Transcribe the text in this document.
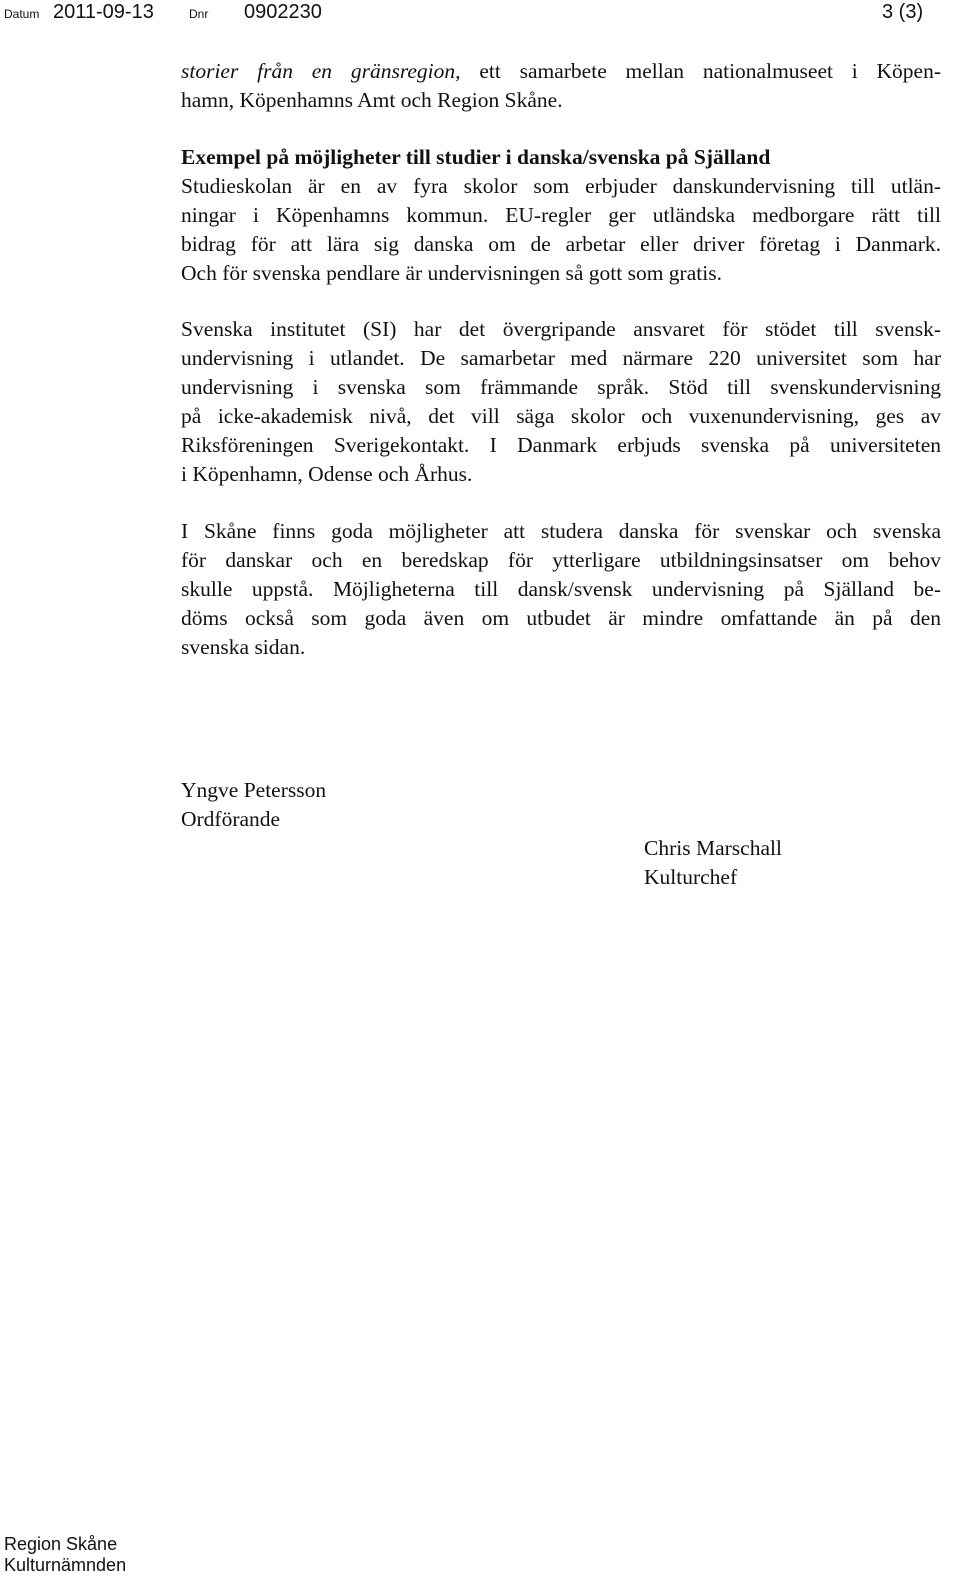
Datum 2011-09-13	Dnr 0902230	3 (3)
storier från en gränsregion, ett samarbete mellan nationalmuseet i Köpen-
hamn, Köpenhamns Amt och Region Skåne.
Exempel på möjligheter till studier i danska/svenska på Själland
Studieskolan är en av fyra skolor som erbjuder danskundervisning till utlän-
ningar i Köpenhamns kommun. EU-regler ger utländska medborgare rätt till
bidrag för att lära sig danska om de arbetar eller driver företag i Danmark.
Och för svenska pendlare är undervisningen så gott som gratis.
Svenska institutet (SI) har det övergripande ansvaret för stödet till svensk-
undervisning i utlandet. De samarbetar med närmare 220 universitet som har
undervisning i svenska som främmande språk. Stöd till svenskundervisning
på icke-akademisk nivå, det vill säga skolor och vuxenundervisning, ges av
Riksföreningen Sverigekontakt. I Danmark erbjuds svenska på universiteten
i Köpenhamn, Odense och Århus.
I Skåne finns goda möjligheter att studera danska för svenskar och svenska
för danskar och en beredskap för ytterligare utbildningsinsatser om behov
skulle uppstå. Möjligheterna till dansk/svensk undervisning på Själland be-
döms också som goda även om utbudet är mindre omfattande än på den
svenska sidan.
Yngve Petersson
Ordförande
Chris Marschall
Kulturchef
Region Skåne
Kulturnämnden
